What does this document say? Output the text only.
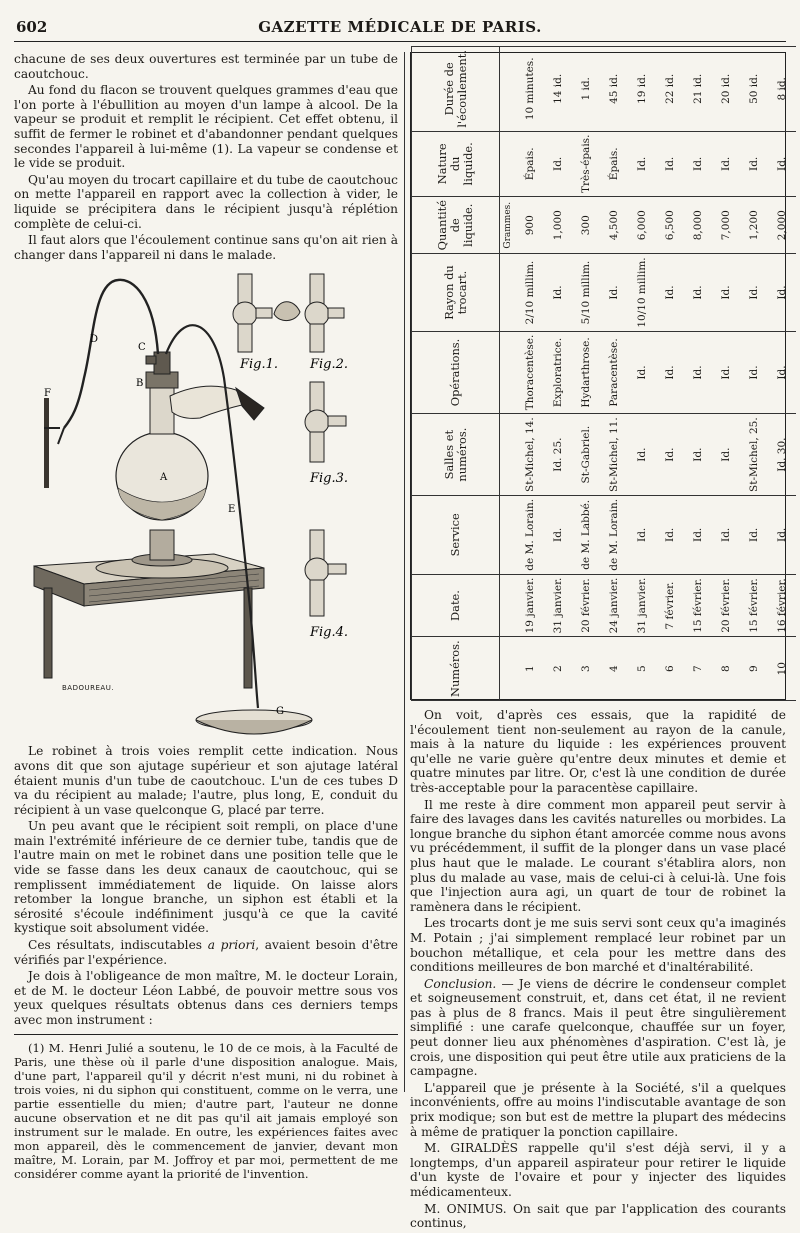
602	GAZETTE MÉDICALE DE PARIS.

chacune de ses deux ouvertures est terminée par un tube de caoutchouc.

Au fond du flacon se trouvent quelques grammes d'eau que l'on porte à l'ébullition au moyen d'un lampe à alcool. De la vapeur se produit et remplit le récipient. Cet effet obtenu, il suffit de fermer le robinet et d'abandonner pendant quelques secondes l'appareil à lui-même (1). La vapeur se condense et le vide se produit.

Qu'au moyen du trocart capillaire et du tube de caoutchouc on mette l'appareil en rapport avec la collection à vider, le liquide se précipitera dans le récipient jusqu'à réplétion complète de celui-ci.

Il faut alors que l'écoulement continue sans qu'on ait rien à changer dans l'appareil ni dans le malade.

A
B
C
D
E
F
G
Fig.1. Fig.2.
Fig.3.
Fig.4.
BADOUREAU.

Le robinet à trois voies remplit cette indication. Nous avons dit que son ajutage supérieur et son ajutage latéral étaient munis d'un tube de caoutchouc. L'un de ces tubes D va du récipient au malade; l'autre, plus long, E, conduit du récipient à un vase quelconque G, placé par terre.

Un peu avant que le récipient soit rempli, on place d'une main l'extrémité inférieure de ce dernier tube, tandis que de l'autre main on met le robinet dans une position telle que le vide se fasse dans les deux canaux de caoutchouc, qui se remplissent immédiatement de liquide. On laisse alors retomber la longue branche, un siphon est établi et la sérosité s'écoule indéfiniment jusqu'à ce que la cavité kystique soit absolument vidée.

Ces résultats, indiscutables a priori, avaient besoin d'être vérifiés par l'expérience.

Je dois à l'obligeance de mon maître, M. le docteur Lorain, et de M. le docteur Léon Labbé, de pouvoir mettre sous vos yeux quelques résultats obtenus dans ces derniers temps avec mon instrument :

(1) M. Henri Julié a soutenu, le 10 de ce mois, à la Faculté de Paris, une thèse où il parle d'une disposition analogue. Mais, d'une part, l'appareil qu'il y décrit n'est muni, ni du robinet à trois voies, ni du siphon qui constituent, comme on le verra, une partie essentielle du mien; d'autre part, l'auteur ne donne aucune observation et ne dit pas qu'il ait jamais employé son instrument sur le malade. En outre, les expériences faites avec mon appareil, dès le commencement de janvier, devant mon maître, M. Lorain, par M. Joffroy et par moi, permettent de me considérer comme ayant la priorité de l'invention.

Numéros.	Date.	Service	Salles et numéros.	Opérations.	Rayon du trocart.	Quantité de liquide.	Nature du liquide.	Durée de l'écoulement.
						Grammes.		
1	19 janvier.	de M. Lorain.	St-Michel, 14.	Thoracentèse.	2/10 millim.	900	Épais.	10 minutes.
2	31 janvier.	Id.	Id. 25.	Exploratrice.	Id.	1,000	Id.	14 id.
3	20 février.	de M. Labbé.	St-Gabriel.	Hydarthrose.	5/10 millim.	300	Très-épais.	1 id.
4	24 janvier.	de M. Lorain.	St-Michel, 11.	Paracentèse.	Id.	4,500	Épais.	45 id.
5	31 janvier.	Id.	Id.	Id.	10/10 millim.	6,000	Id.	19 id.
6	7 février.	Id.	Id.	Id.	Id.	6,500	Id.	22 id.
7	15 février.	Id.	Id.	Id.	Id.	8,000	Id.	21 id.
8	20 février.	Id.	Id.	Id.	Id.	7,000	Id.	20 id.
9	15 février.	Id.	St-Michel, 25.	Id.	Id.	1,200	Id.	50 id.
10	16 février.	Id.	Id. 30.	Id.	Id.	2,000	Id.	8 id.

On voit, d'après ces essais, que la rapidité de l'écoulement tient non-seulement au rayon de la canule, mais à la nature du liquide : les expériences prouvent qu'elle ne varie guère qu'entre deux minutes et demie et quatre minutes par litre. Or, c'est là une condition de durée très-acceptable pour la paracentèse capillaire.

Il me reste à dire comment mon appareil peut servir à faire des lavages dans les cavités naturelles ou morbides. La longue branche du siphon étant amorcée comme nous avons vu précédemment, il suffit de la plonger dans un vase placé plus haut que le malade. Le courant s'établira alors, non plus du malade au vase, mais de celui-ci à celui-là. Une fois que l'injection aura agi, un quart de tour de robinet la ramènera dans le récipient.

Les trocarts dont je me suis servi sont ceux qu'a imaginés M. Potain ; j'ai simplement remplacé leur robinet par un bouchon métallique, et cela pour les mettre dans des conditions meilleures de bon marché et d'inaltérabilité.

Conclusion. — Je viens de décrire le condenseur complet et soigneusement construit, et, dans cet état, il ne revient pas à plus de 8 francs. Mais il peut être singulièrement simplifié : une carafe quelconque, chauffée sur un foyer, peut donner lieu aux phénomènes d'aspiration. C'est là, je crois, une disposition qui peut être utile aux praticiens de la campagne.

L'appareil que je présente à la Société, s'il a quelques inconvénients, offre au moins l'indiscutable avantage de son prix modique; son but est de mettre la plupart des médecins à même de pratiquer la ponction capillaire.

M. GIRALDÈS rappelle qu'il s'est déjà servi, il y a longtemps, d'un appareil aspirateur pour retirer le liquide d'un kyste de l'ovaire et pour y injecter des liquides médicamenteux.

M. ONIMUS. On sait que par l'application des courants continus,
